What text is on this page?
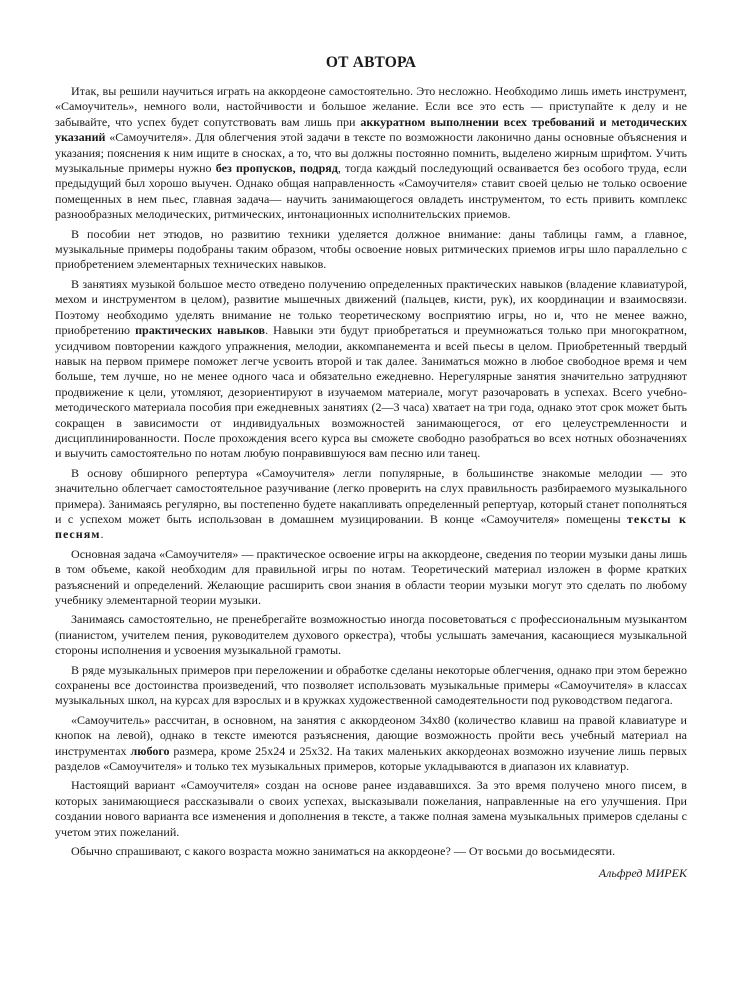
ОТ АВТОРА

Итак, вы решили научиться играть на аккордеоне самостоятельно. Это несложно. Необходимо лишь иметь инструмент, «Самоучитель», немного воли, настойчивости и большое желание. Если все это есть — приступайте к делу и не забывайте, что успех будет сопутствовать вам лишь при аккуратном выполнении всех требований и методических указаний «Самоучителя». Для облегчения этой задачи в тексте по возможности лаконично даны основные объяснения и указания; пояснения к ним ищите в сносках, а то, что вы должны постоянно помнить, выделено жирным шрифтом. Учить музыкальные примеры нужно без пропусков, подряд, тогда каждый последующий осваивается без особого труда, если предыдущий был хорошо выучен. Однако общая направленность «Самоучителя» ставит своей целью не только освоение помещенных в нем пьес, главная задача— научить занимающегося овладеть инструментом, то есть привить комплекс разнообразных мелодических, ритмических, интонационных исполнительских приемов.

В пособии нет этюдов, но развитию техники уделяется должное внимание: даны таблицы гамм, а главное, музыкальные примеры подобраны таким образом, чтобы освоение новых ритмических приемов игры шло параллельно с приобретением элементарных технических навыков.

В занятиях музыкой большое место отведено получению определенных практических навыков (владение клавиатурой, мехом и инструментом в целом), развитие мышечных движений (пальцев, кисти, рук), их координации и взаимосвязи. Поэтому необходимо уделять внимание не только теоретическому восприятию игры, но и, что не менее важно, приобретению практических навыков. Навыки эти будут приобретаться и преумножаться только при многократном, усидчивом повторении каждого упражнения, мелодии, аккомпанемента и всей пьесы в целом. Приобретенный твердый навык на первом примере поможет легче усвоить второй и так далее. Заниматься можно в любое свободное время и чем больше, тем лучше, но не менее одного часа и обязательно ежедневно. Нерегулярные занятия значительно затрудняют продвижение к цели, утомляют, дезориентируют в изучаемом материале, могут разочаровать в успехах. Всего учебно-методического материала пособия при ежедневных занятиях (2—3 часа) хватает на три года, однако этот срок может быть сокращен в зависимости от индивидуальных возможностей занимающегося, от его целеустремленности и дисциплинированности. После прохождения всего курса вы сможете свободно разобраться во всех нотных обозначениях и выучить самостоятельно по нотам любую понравившуюся вам песню или танец.

В основу обширного репертура «Самоучителя» легли популярные, в большинстве знакомые мелодии — это значительно облегчает самостоятельное разучивание (легко проверить на слух правильность разбираемого музыкального примера). Занимаясь регулярно, вы постепенно будете накапливать определенный репертуар, который станет пополняться и с успехом может быть использован в домашнем музицировании. В конце «Самоучителя» помещены тексты к песням.

Основная задача «Самоучителя» — практическое освоение игры на аккордеоне, сведения по теории музыки даны лишь в том объеме, какой необходим для правильной игры по нотам. Теоретический материал изложен в форме кратких разъяснений и определений. Желающие расширить свои знания в области теории музыки могут это сделать по любому учебнику элементарной теории музыки.

Занимаясь самостоятельно, не пренебрегайте возможностью иногда посоветоваться с профессиональным музыкантом (пианистом, учителем пения, руководителем духового оркестра), чтобы услышать замечания, касающиеся музыкальной стороны исполнения и усвоения музыкальной грамоты.

В ряде музыкальных примеров при переложении и обработке сделаны некоторые облегчения, однако при этом бережно сохранены все достоинства произведений, что позволяет использовать музыкальные примеры «Самоучителя» в классах музыкальных школ, на курсах для взрослых и в кружках художественной самодеятельности под руководством педагога.

«Самоучитель» рассчитан, в основном, на занятия с аккордеоном 34х80 (количество клавиш на правой клавиатуре и кнопок на левой), однако в тексте имеются разъяснения, дающие возможность пройти весь учебный материал на инструментах любого размера, кроме 25х24 и 25х32. На таких маленьких аккордеонах возможно изучение лишь первых разделов «Самоучителя» и только тех музыкальных примеров, которые укладываются в диапазон их клавиатур.

Настоящий вариант «Самоучителя» создан на основе ранее издававшихся. За это время получено много писем, в которых занимающиеся рассказывали о своих успехах, высказывали пожелания, направленные на его улучшения. При создании нового варианта все изменения и дополнения в тексте, а также полная замена музыкальных примеров сделаны с учетом этих пожеланий.

Обычно спрашивают, с какого возраста можно заниматься на аккордеоне? — От восьми до восьмидесяти.

Альфред МИРЕК
